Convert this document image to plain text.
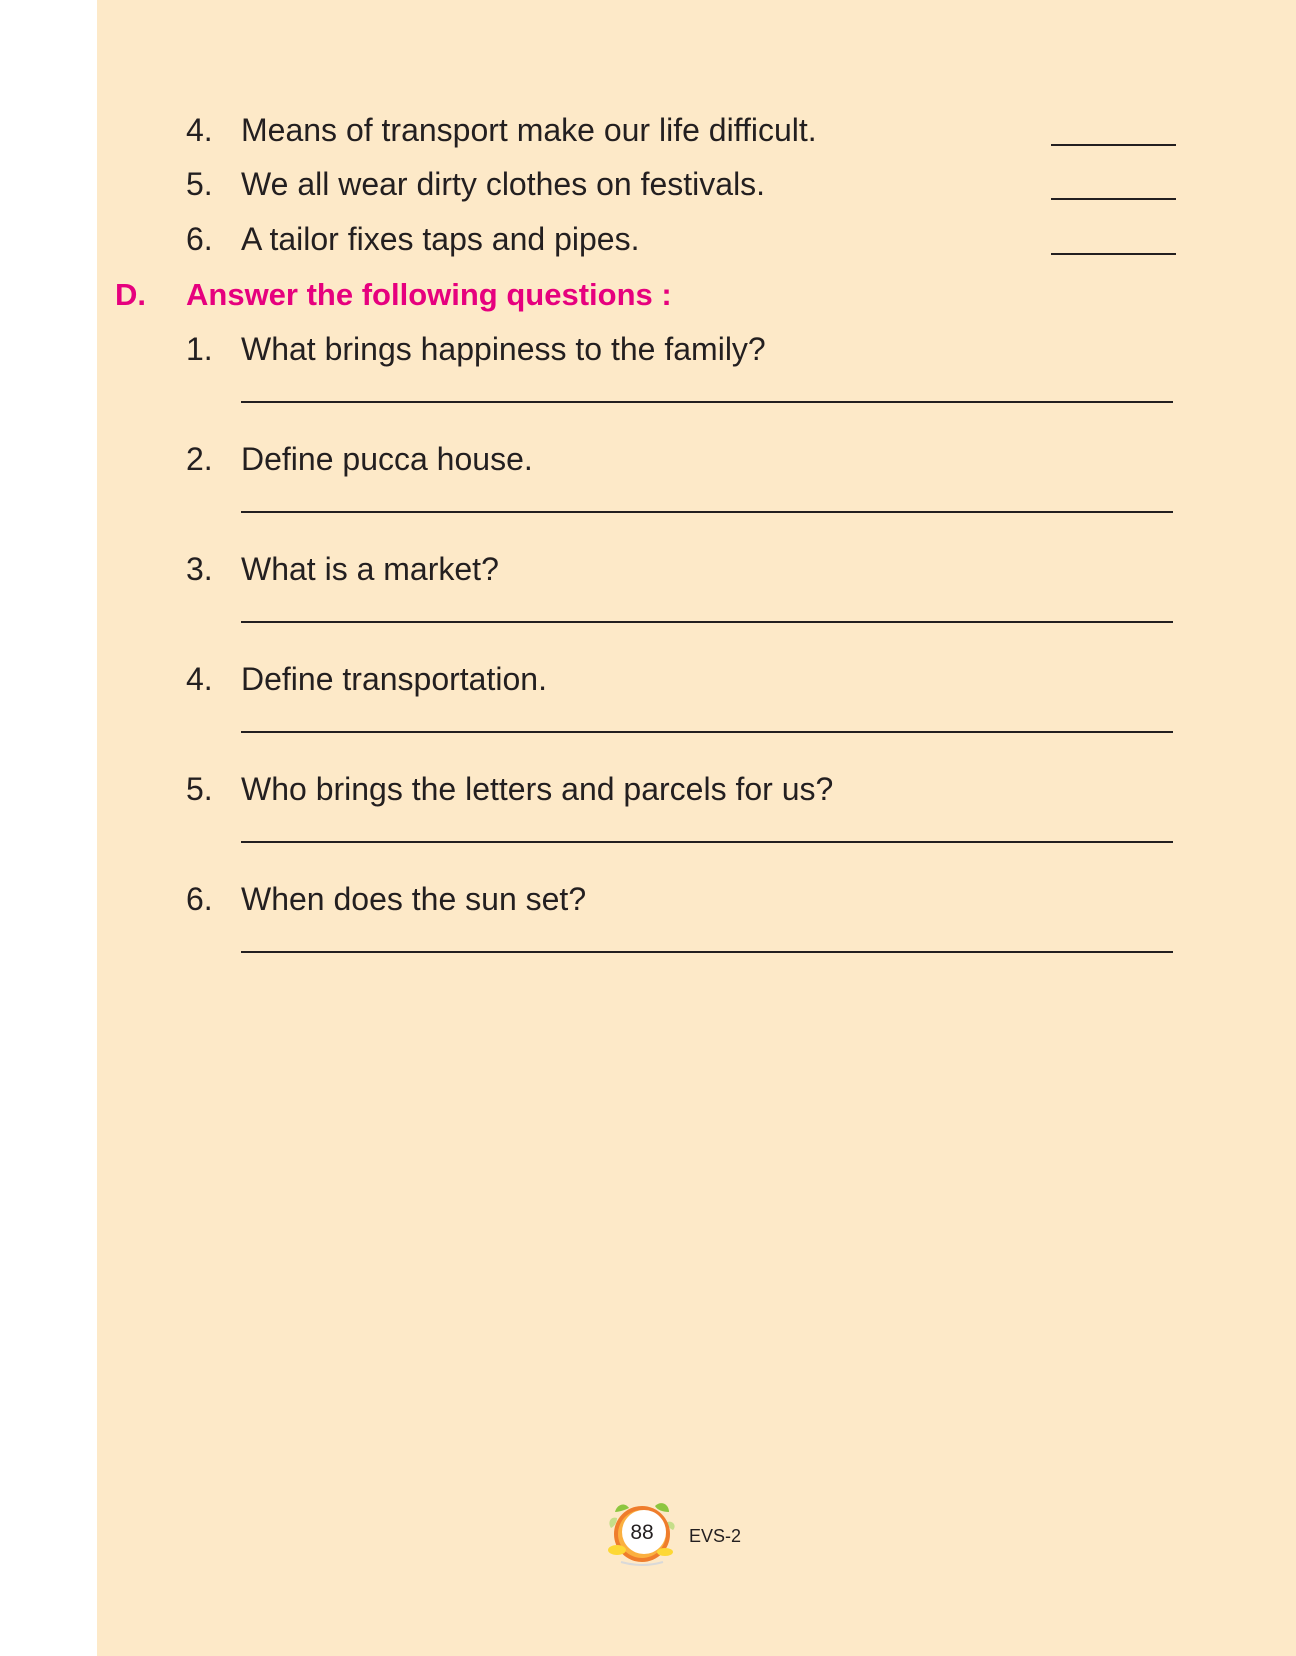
4. Means of transport make our life difficult.
5. We all wear dirty clothes on festivals.
6. A tailor fixes taps and pipes.
D. Answer the following questions :
1. What brings happiness to the family?
2. Define pucca house.
3. What is a market?
4. Define transportation.
5. Who brings the letters and parcels for us?
6. When does the sun set?
88	EVS-2
